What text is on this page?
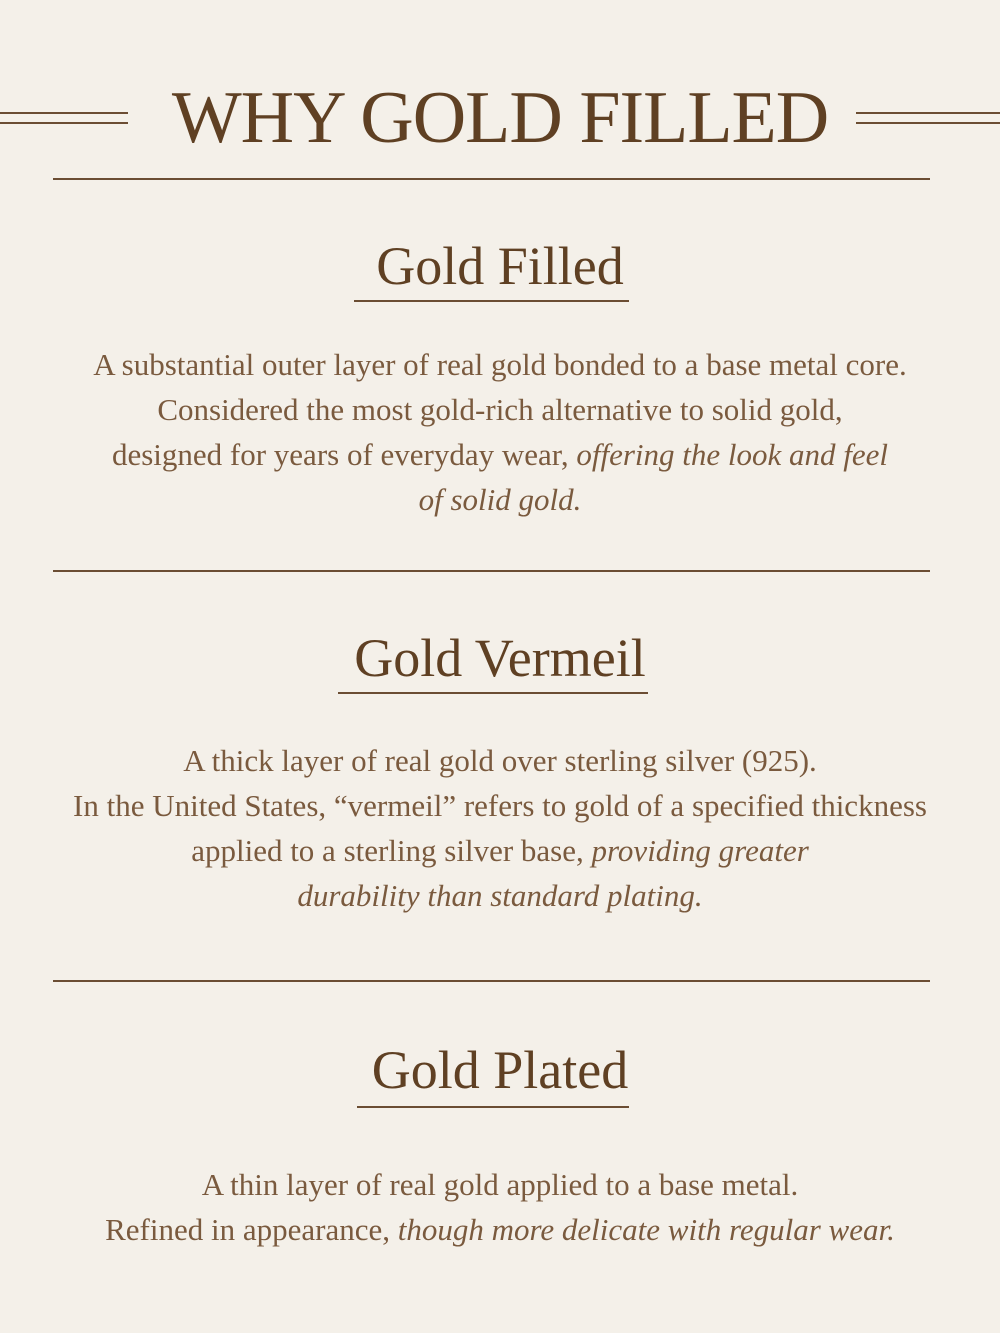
WHY GOLD FILLED
Gold Filled
A substantial outer layer of real gold bonded to a base metal core.
Considered the most gold-rich alternative to solid gold,
designed for years of everyday wear, offering the look and feel
of solid gold.
Gold Vermeil
A thick layer of real gold over sterling silver (925).
In the United States, “vermeil” refers to gold of a specified thickness
applied to a sterling silver base, providing greater
durability than standard plating.
Gold Plated
A thin layer of real gold applied to a base metal.
Refined in appearance, though more delicate with regular wear.
